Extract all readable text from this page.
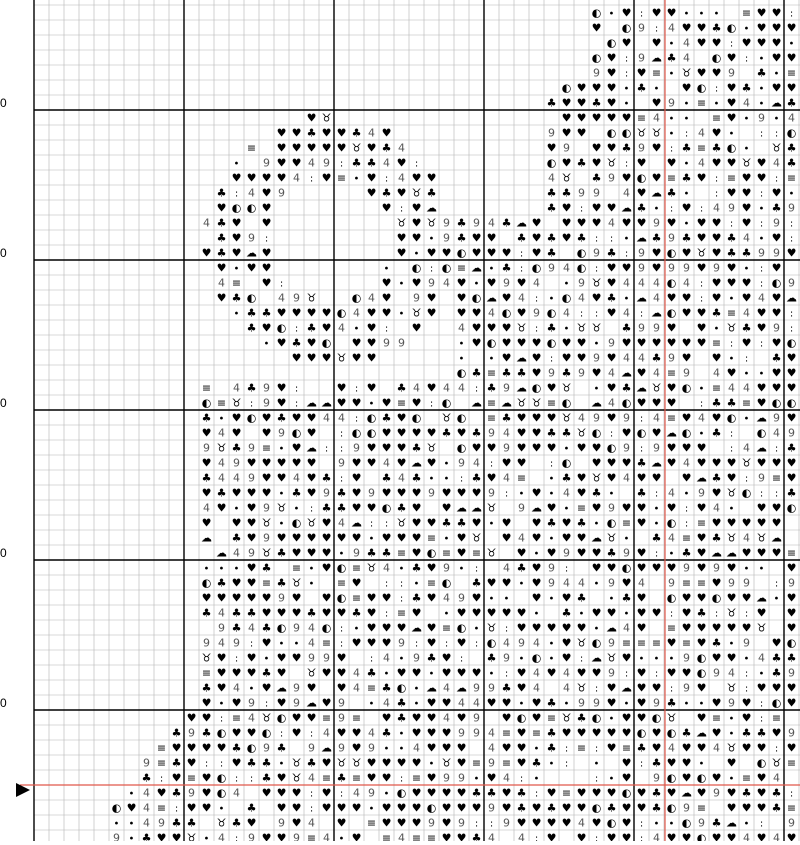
◐
•
9
•
♥
•
•
9
♣
4
4
4
♣
≡
≡
:
♥
≡
9
♥
♣
♥
♣
♥
♣
:
♣
♥
♥
9
♥
♥
≡
9
♥
♣
♉
4
♥
≡
◐
♣
♥
9
♥
♣
♥
4
♥
☁
•
◐
♥
♣
9
♉
≡
♣
♥
♥
♣
♥
:
♥
♥
♥
•
♣
♥
♣
♣
♣
♥
4
♥
≡
•
4
♉
4
4
♣
♥
☁
•
♣
♥
4
9
4
♥
♥
♥
•
:
◐
♥
:
◐
◐
•
♉
4
•
♥
:
◐
♥
♥
♥
•
≡
♣
•
4
♉
♥
♥
♣
9
4
♥
•
♥
♣
4
•
♥
♥
♣
♣
9
:
♥
4
♥
≡
♥
♣
♥
:
4
♣
:
≡
♥
4
◐
9
☁
♥
◐
♣
♣
♣
:
◐
9
♥
9
♥
♥
♥
♥
9
♥
♥
♥
♣
4
:
♥
♥
•
9
4
♥
◐
♣
:
♣
♥
9
9
♥
♥
♥
♥
:
♥
♥
♥
♣
♥
•
9
9
♥
♥
≡
♥
♥
♥
9
♉
9
♉
♣
≡
♥
♥
♣
♥
•
♣
♥
:
♉
◐
9
♣
♣
♥
♥
♥
♥
♥
♥
9
:
4
♥
◐
♥
♥
♥
♣
9
•
♥
♥
•
♉
•
♥
♣
♣
9
♥
◐
•
♥
♥
☁
♥
◐
:
♣
•
♥
♥
♥
9
♥
♥
♥
♥
4
9
♥
:
♣
♥
:
:
♥
◐
♥
♥
4
♣
•
◐
♥
♥
≡
♉
♥
♥
9
•
♥
9
9
♥
♥
♉
♉
♥
♥
♥
9
♥
♣
♥
4
:
♉
♥
♣
♥
♥
☁
♥
♥
☁
♥
♥
♥
:
♉
♥
♥
•
•
♣
4
4
9
♉
♥
☁
♥
:
9
♣
4
:
:
4
≡
♉
♥
♥
9
♥
♥
♥
◐
♥
☁
4
:
♣
9
♣
♥
♥
♥
♥
♥
♥
◐
≡
9
♥
♥
≡
4
☁
♥
≡
♥
♥
4
♥
♥
:
≡
◐
4
♉
♥
♥
4
:
:
9
:
♣
♣
4
♥
•
◐
≡
◐
♥
:
:
♥
♥
♥
9
9
♥
9
♉
♣
:
♥
♥
•
♣
♉
♣
•
◐
4
•
♥
♥
:
♥
:
◐
9
♥
♥
♥
♥
☁
♥
9
≡
♥
≡
♣
•
♥
4
4
≡
♥
♥
♉
≡
4
♥
♥
4
♥
♣
♥
♥
4
♥
♥
♥
♥
♥
•
◐
◐
♥
♥
9
♥
:
•
♣
♉
♥
♥
♥
♥
:
♣
≡
•
4
9
♥
♥
9
•
≡
♥
♣
4
:
♣
♥
•
♥
♥
♥
:
9
♥
♣
♥
♥
4
♣
♥
◐
:
♥
♣
4
:
♥
:
♥
♥
4
•
♣
4
♥
♣
•
♥
♥
•
♥
♥
≡
4
♥
4
♥
:
♉
♥
♥
•
•
9
♣
≡
♥
♥
♥
♥
4
♥
♣
♉
♥
≡
•
:
:
≡
♥
9
•
♥
◐
♣
♣
•
•
♥
:
◐
♥
♥
4
:
♥
♉
♥
♥
♥
•
◐
♥
9
♉
♥
4
♥
◐
♥
♣
☁
♣
♥
♥
♥
♥
♥
♣
•
♣
♥
☁
:
9
♥
•
•
♥
♥
4
♥
≡
♥
♥
♥
≡
♥
♣
☁
♉
•
♥
:
9
♥
♥
♥
:
♥
♉
♥
•
9
♥
≡
◐
♥
≡
♥
♥
♥
♣
•
☁
♥
♥
♥
♥
•
♥
♥
◐
9
≡
9
9
♥
◐
4
4
◐
♉
♣
•
•
♥
♥
♣
•
≡
9
◐
4
•
≡
:
♥
♥
4
♥
4
♥
♥
♉
9
♥
♥
♥
♥
♣
♣
◐
≡
♥
♥
♥
4
•
•
◐
4
◐
♥
◐
9
:
♥
☁
♣
♥
♥
•
9
♥
◐
♥
:
♥
☁
4
♥
9
♥
♥
9
♥
♥
9
♥
9
♥
♥
☁
•
◐
♥
♥
♥
♣
:
☁
♣
♥
4
♣
♥
☁
♥
♉
≡
:
♣
♥
♥
•
:
♥
9
4
9
9
≡
•
♣
♥
:
♣
4
♥
♥
•
♥
☁
4
♥
◐
•
≡
♣
≡
≡
9
♥
:
♥
9
♉
•
♉
♥
•
♥
♉
◐
♣
•
9
♥
4
4
9
♥
♣
9
:
4
♣
♥
♣
9
♥
◐
♥
♥
♥
♣
9
☁
♣
4
9
♥
4
:
♥
♥
4
♥
•
♥
:
4
9
:
♣
♥
♥
≡
♥
≡
4
♥
♥
9
☁
♣
:
:
♥
4
♥
♉
♥
☁
♣
☁
♉
♥
♥
♥
♥
≡
•
9
4
♥
♣
•
♥
♥
9
•
♥
♥
•
◐
♥
♥
♥
:
♣
♣
♥
4
♥
♥
♥
◐
4
:
9
:
♥
♥
♥
◐
♉
♥
♥
♥
♥
☁
♥
♥
•
♥
♥
♥
•
♥
4
◐
4
4
♥
♥
≡
•
♣
•
:
♥
♥
:
♣
9
♥
◐
4
♣
♣
♣
♣
9
•
◐
♣
◐
:
9
♥
≡
♥
♣
♥
:
•
•
♥
♣
•
♥
9
9
•
♥
•
•
♥
♣
≡
♣
♣
•
♥
♣
♥
♥
◐
♥
♥
♥
9
♥
♉
♣
♥
♥
♥
4
•
◐
4
•
♥
♥
♣
♉
◐
♉
♣
•
◐
♣
4
•
♥
♥
9
:
4
♥
♣
♥
♥
♥
4
4
•
♉
♥
:
:
≡
♥
♥
♥
♥
♥
♥
♣
9
:
♥
♣
◐
◐
9
4
:
♉
♥
♥
9
4
♉
♥
♥
♥
≡
♣
♥
♥
4
♣
•
♥
♉
:
♥
♉
9
♣
♥
≡
♥
♥
4
♥
◐
♥
◐
9
♥
♣
♥
♥
♥
♣
9
♥
♥
:
9
:
♉
♥
:
♉
•
9
♥
•
☁
9
◐
♥
♥
♉
♣
♥
•
☁
♥
♥
•
♥
•
◐
☁
♥
:
9
◐
♥
:
•
:
♥
◐
♥
:
•
◐
♥
♥
♥
♥
♥
◐
♥
♉
9
♥
4
:
♣
♥
♥
♣
♥
9
♥
4
♥
4
♥
:
◐
♥
♥
•
9
◐
♉
♣
♥
9
•
♥
☁
9
♉
9
♥
♥
•
♥
♥
•
♥
♣
◐
♥
♥
◐
♥
:
:
•
•
♥
◐
♣
:
♥
4
☁
♥
•
:
♥
4
•
4
♣
♥
4
☁
♣
◐
9
♥
9
♥
4
♥
≡
•
9
◐
♥
♣
•
4
≡
♥
:
☁
•
♥
♥
≡
♥
♥
◐
♥
♥
♥
:
9
9
♥
♣
≡
♉
9
♥
◐
♥
♣
♥
☁
9
9
4
☁
:
9
♥
4
♥
☁
♥
:
◐
:
♣
♥
♣
♥
♥
♥
♥
4
♥
♥
♥
≡
•
♥
♥
♥
♥
◐
♣
:
♥
♥
:
:
♥
:
♥
☁
≡
•
♥
4
♉
♥
♥
☁
•
9
♣
♥
♥
4
4
☁
9
♥
♣
4
♉
♥
4
♥
9
☁
♥
:
•
•
♣
:
♥
♥
≡
•
:
♥
9
◐
♥
♥
♣
9
♣
♣
•
4
♥
4
•
♣
•
9
•
•
:
♥
≡
♣
:
♥
9
◐
9
◐
♥
◐
♥
♥
9
≡
♥
♥
≡
☁
♥
♥
4
♥
◐
4
•
♥
9
◐
:
≡
♥
•
♥
:
♣
♉
◐
4
♥
◐
♥
◐
•
♥
•
♥
4
4
♉
♥
•
•
:
♣
•
♣
•
♥
•
♣
♥
9
4
♥
♥
♥
♥
9
◐
♥
◐
♥
4
♥
•
:
:
≡
♣
9
≡
♥
♥
♥
≡
9
♥
9
•
♣
♥
♥
♥
☁
9
◐
♥
•
♥
♥
♥
◐
≡
4
≡
4
♥
:
♥
♥
♉
♥
:
:
♥
♥
♥
•
:
4
•
♥
♥
☁
9
♥
≡
♥
♥
♥
≡
♥
♣
♥
♥
◐
◐
♥
•
♥
☁
♥
•
◐
♥
≡
9
◐
•
♣
♥
◐
♥
:
•
≡
♥
♣
♥
:
:
4
♥
♥
♥
9
♥
♥
♣
•
≡
♥
4
≡
♣
♥
♣
♥
♣
♥
4
♥
♣
☁
9
♥
◐
:
♥
♣
♥
9
♥
≡
♥
4
♥
9
♣
♥
◐
:
♥
9
♥
♥
♥
•
◐
♥
≡
♥
9
:
♣
♣
♥
♥
•
≡
♉
:
•
♥
4
♣
◐
:
:
♥
♥
♉
•
♥
♉
☁
♥
9
♥
♉
♥
•
♥
4
♉
9
•
•
♉
♥
•
♥
♥
☁
♥
≡
•
♥
:
♣
4
•
•
♉
♥
♥
♥
♥
4
♣
•
♥
♥
4
♣
♥
:
•
4
≡
•
4
♉
:
◐
♥
4
♥
•
9
♥
:
♥
9
•
:
:
♥
♥
♣
♥
≡
♣
♥
•
4
♥
♥
♥
•
♣
•
•
9
:
♥
♥
:
•
:
•
9
:
:
4
♥
♥
:
•
♥
♥
☁
◐
☁
♥
9
:
♥
♥
♉
♥
•
☁
♥
♉
4
•
♥
:
:
♣
♥
◐
♥
♥
♥
:
♥
♥
♥
♥
♥
•
♥
☁
•
:
♉
4
:
♥
♣
9
♥
9
♥
◐
♥
♥
9
♥
♣
♥
♥
◐
9
4
:
♥
≡
:
♥
♥
☁
♥
:
•
♥
♣
♣
♥
◐
≡
♥
:
♉
4
♣
♣
4
:
♥
•
♥
≡
♥
♣
4
◐
♣
♣
≡
•
9
:
:
♥
9
☁
:
:
◐
♥
♥
♥
◐
♥
9
♣
♥
♥
♣
◐
≡
♥
9
♥
♥
♥
◐
♣
9
♥
♥
9
♥
≡
:
≡
9
♥
0
0
0
0
0
